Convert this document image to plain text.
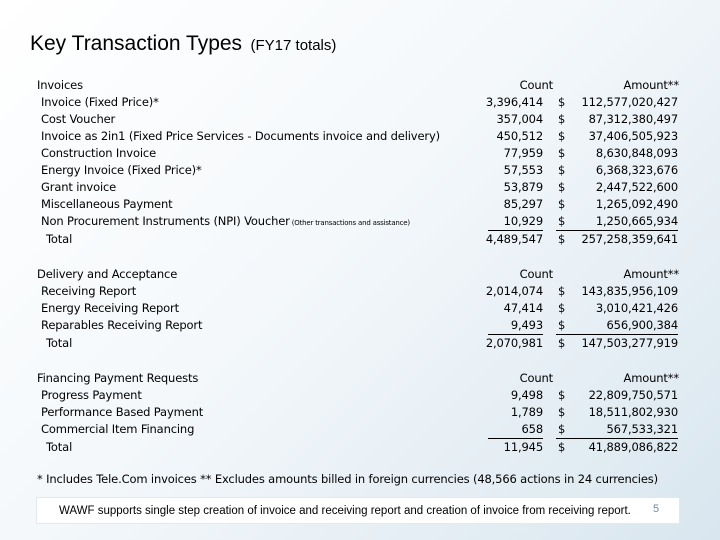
Key Transaction Types (FY17 totals)
Invoices	Count	Amount**
Invoice (Fixed Price)*	3,396,414 $ 112,577,020,427
Cost Voucher	357,004 $ 87,312,380,497
Invoice as 2in1 (Fixed Price Services - Documents invoice and delivery)	450,512 $ 37,406,505,923
Construction Invoice	77,959 $	8,630,848,093
Energy Invoice (Fixed Price)*	57,553 $	6,368,323,676
Grant invoice	53,879 $	2,447,522,600
Miscellaneous Payment	85,297 $	1,265,092,490
Non Procurement Instruments (NPI) Voucher (Other transactions and assistance)	10,929 $	1,250,665,934
Total	4,489,547 $ 257,258,359,641
Delivery and Acceptance	Count	Amount**
Receiving Report	2,014,074 $ 143,835,956,109
Energy Receiving Report	47,414 $	3,010,421,426
Reparables Receiving Report	9,493 $	656,900,384
Total	2,070,981 $ 147,503,277,919
Financing Payment Requests	Count	Amount**
Progress Payment	9,498 $ 22,809,750,571
Performance Based Payment	1,789 $ 18,511,802,930
Commercial Item Financing	658 $	567,533,321
Total	11,945 $ 41,889,086,822
* Includes Tele.Com invoices ** Excludes amounts billed in foreign currencies (48,566 actions in 24 currencies)
WAWF supports single step creation of invoice and receiving report and creation of invoice from receiving report. 5
